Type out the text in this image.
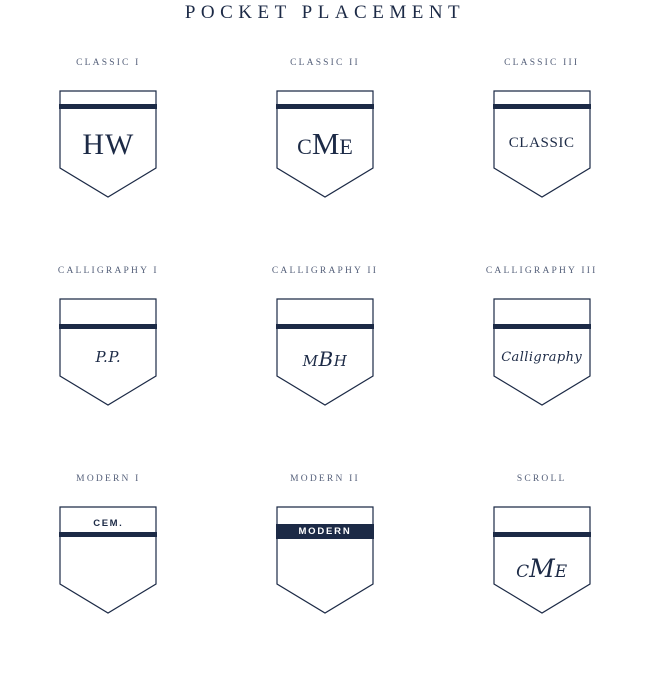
POCKET PLACEMENT
CLASSIC I
HW
CLASSIC II
CME
CLASSIC III
CLASSIC
CALLIGRAPHY I
P.P.
CALLIGRAPHY II
MBH
CALLIGRAPHY III
Calligraphy
MODERN I
CEM.
MODERN II
MODERN
SCROLL
CME
